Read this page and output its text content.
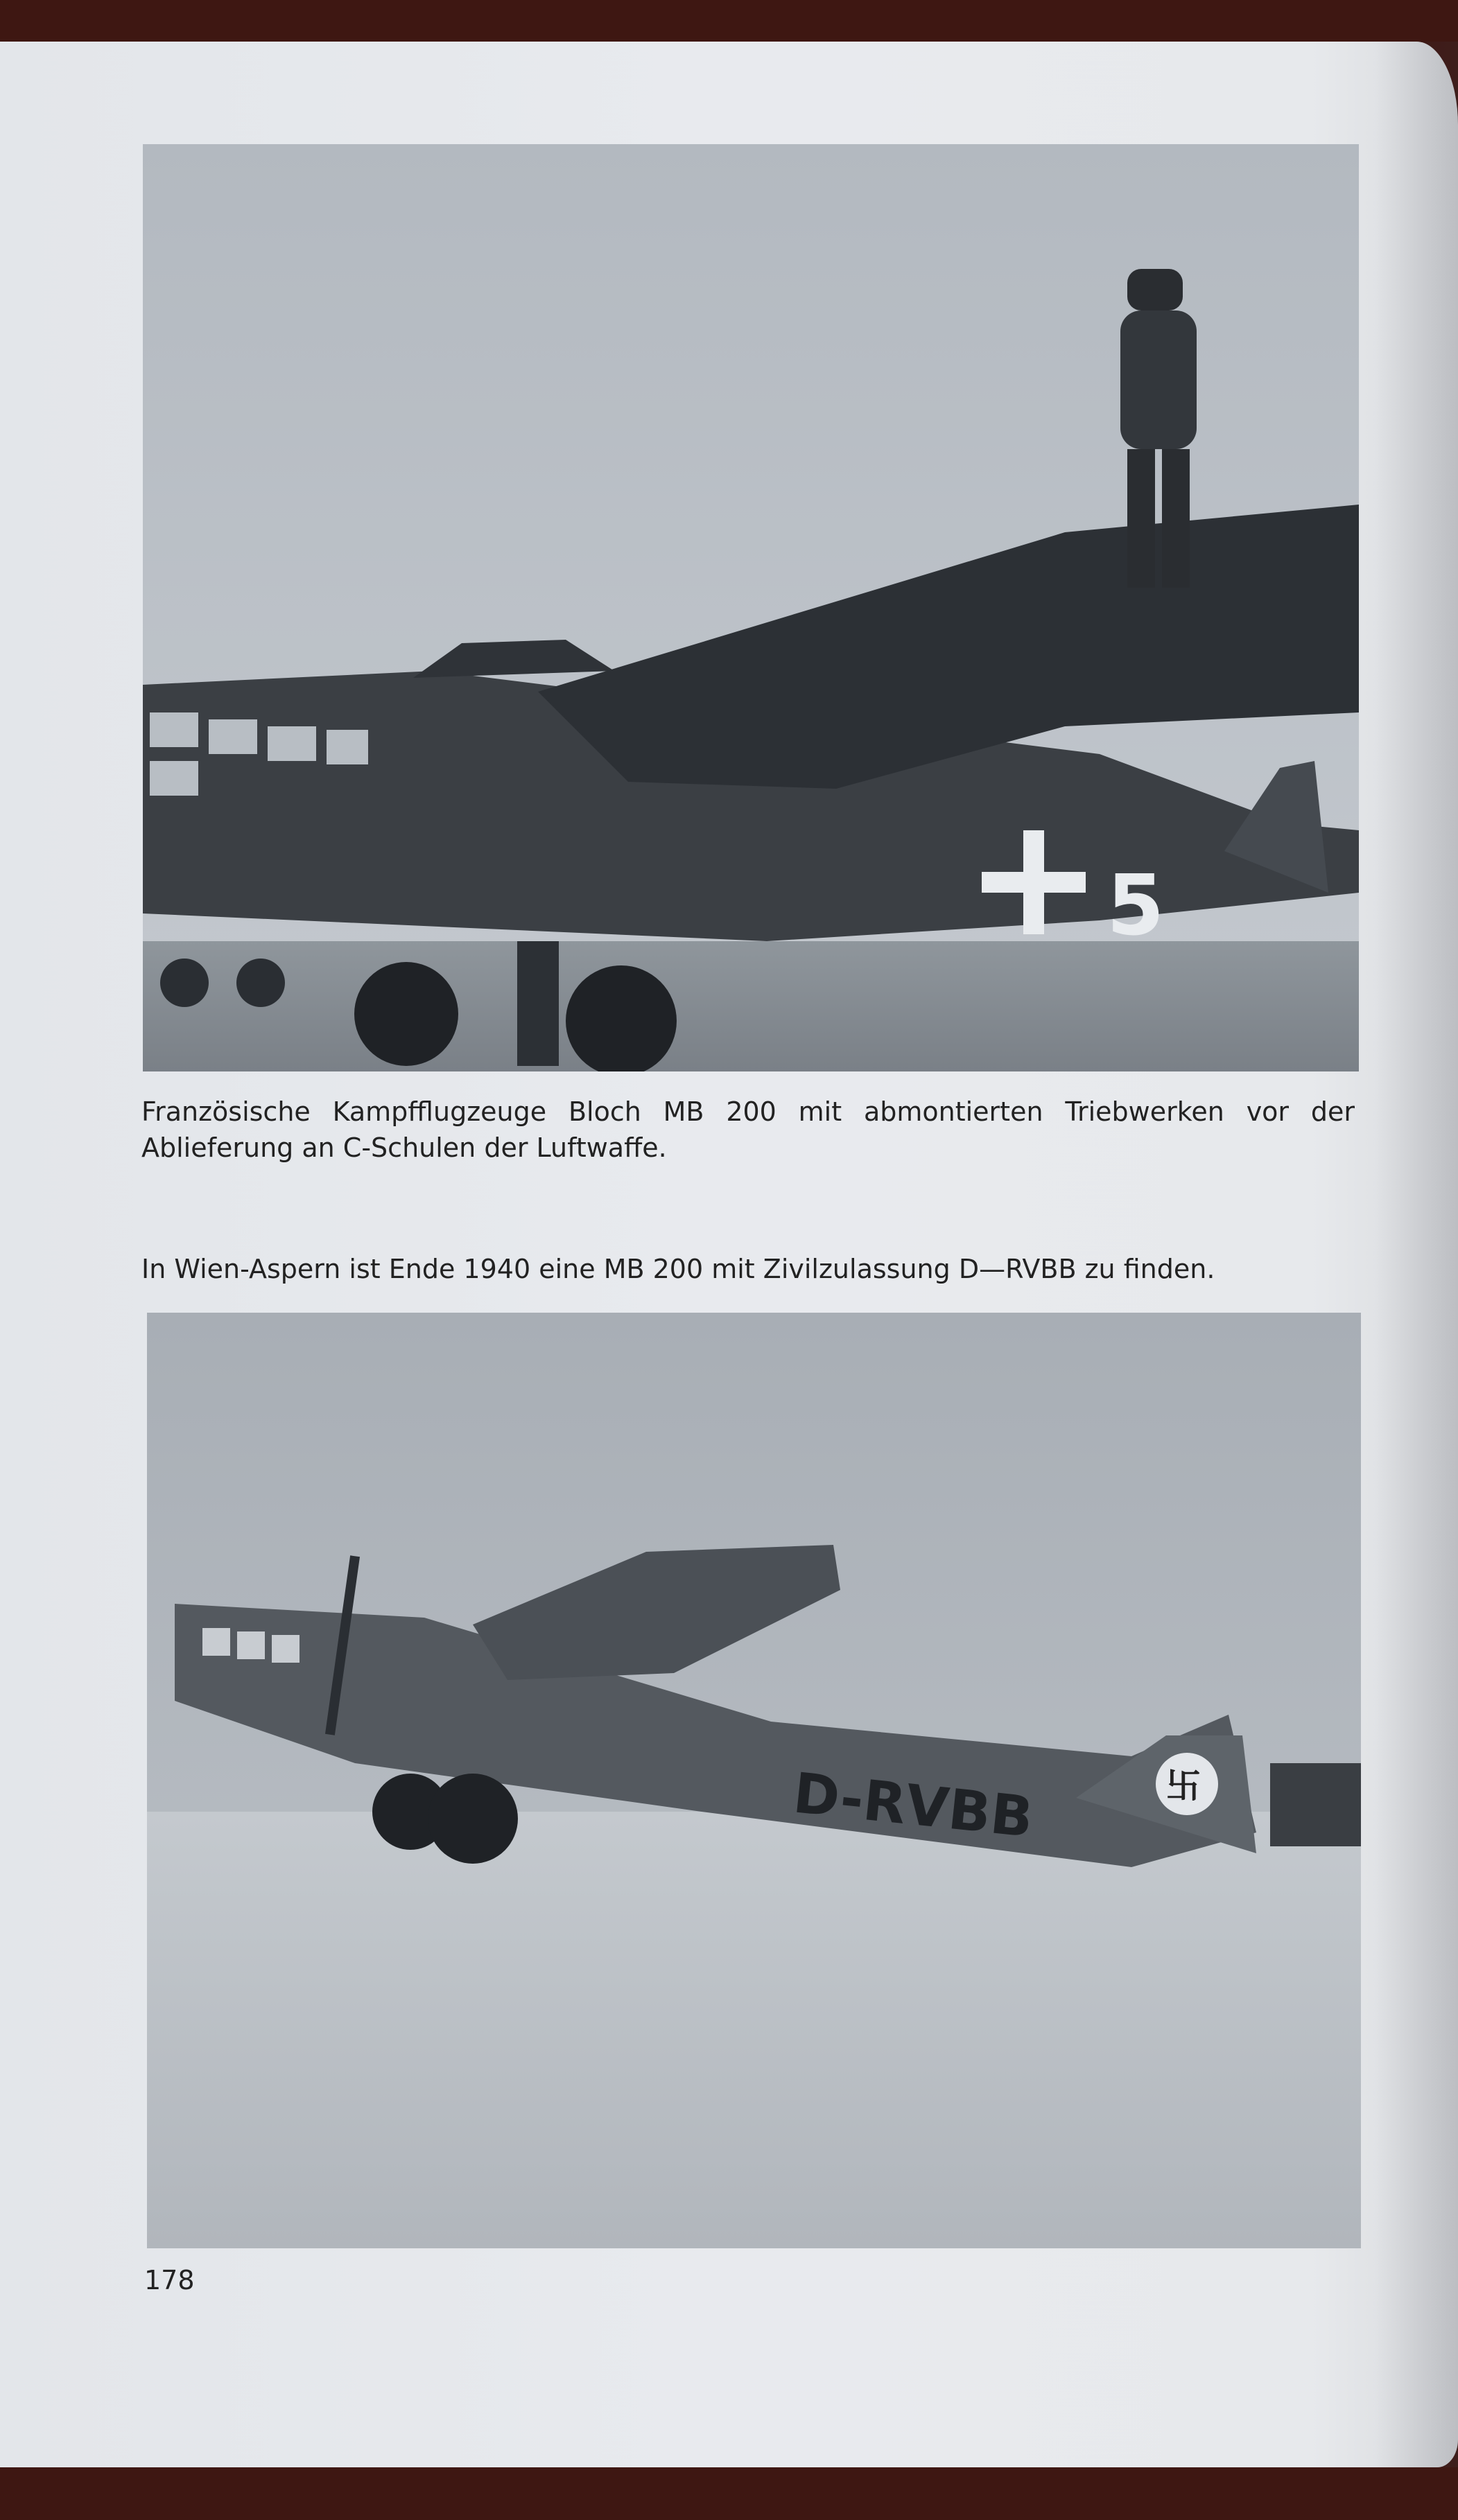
5
Französische Kampfflugzeuge Bloch MB 200 mit abmontierten Triebwerken vor der Ablieferung an C-Schulen der Luftwaffe.
In Wien-Aspern ist Ende 1940 eine MB 200 mit Zivilzulassung D—RVBB zu finden.
卐
D-RVBB
178
